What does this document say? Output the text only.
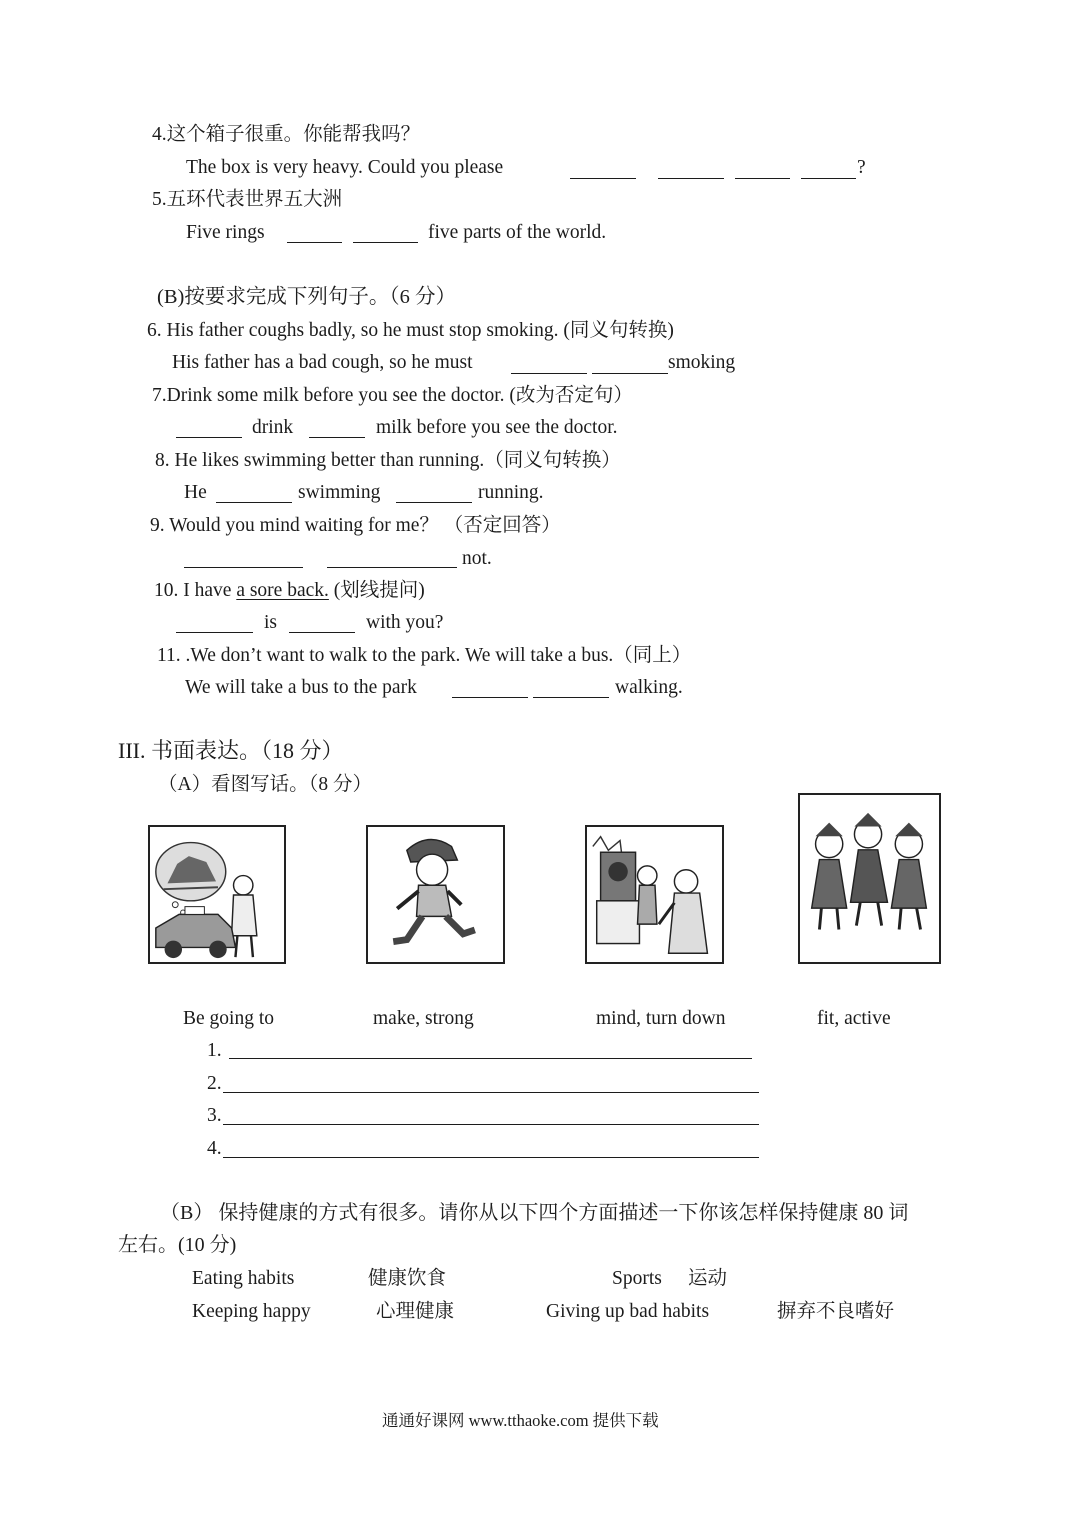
4.这个箱子很重。你能帮我吗？
The box is very heavy. Could you please	?
5.五环代表世界五大洲
Five rings	five parts of the world.
(B)按要求完成下列句子。（6 分）
6. His father coughs badly, so he must stop smoking. (同义句转换)
His father has a bad cough, so he must	smoking
7.Drink some milk before you see the doctor. (改为否定句）
drink	milk before you see the doctor.
8. He likes swimming better than running.（同义句转换）
He	swimming	running.
9. Would you mind waiting for me？ （否定回答）
not.
10. I have a sore back. (划线提问)
is	with you?
11. .We don’t want to walk to the park. We will take a bus.（同上）
We will take a bus to the park	walking.
III. 书面表达。（18 分）
（A）看图写话。（8 分）
Be going to	make, strong	mind, turn down	fit, active
1.
2.
3.
4.
（B） 保持健康的方式有很多。请你从以下四个方面描述一下你该怎样保持健康 80 词
左右。(10 分)
Eating habits	健康饮食	Sports 运动
Keeping happy	心理健康	Giving up bad habits	摒弃不良嗜好
通通好课网 www.tthaoke.com 提供下载
